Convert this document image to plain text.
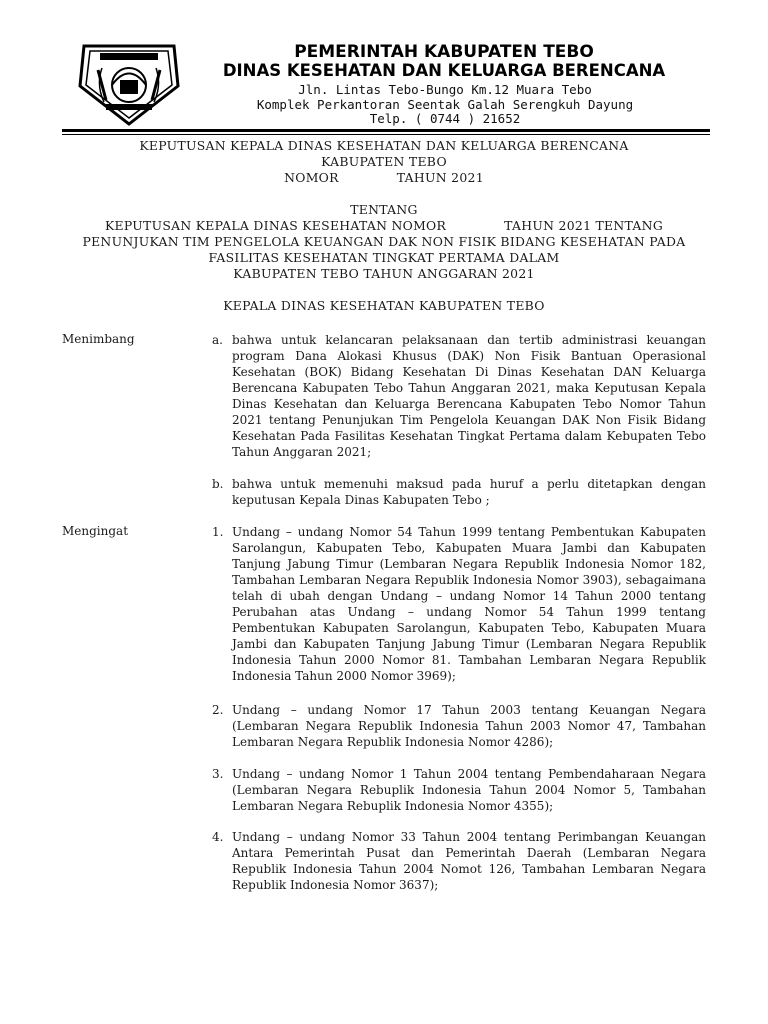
PEMERINTAH KABUPATEN TEBO
DINAS KESEHATAN DAN KELUARGA BERENCANA
Jln. Lintas Tebo-Bungo Km.12 Muara Tebo
Komplek Perkantoran Seentak Galah Serengkuh Dayung
Telp. ( 0744 ) 21652
KEPUTUSAN KEPALA DINAS KESEHATAN DAN KELUARGA BERENCANA
KABUPATEN TEBO
NOMOR	TAHUN 2021
TENTANG
KEPUTUSAN KEPALA DINAS KESEHATAN NOMOR	TAHUN 2021 TENTANG
PENUNJUKAN TIM PENGELOLA KEUANGAN DAK NON FISIK BIDANG KESEHATAN PADA
FASILITAS KESEHATAN TINGKAT PERTAMA DALAM
KABUPATEN TEBO TAHUN ANGGARAN 2021
KEPALA DINAS KESEHATAN KABUPATEN TEBO
Menimbang	a. bahwa untuk kelancaran pelaksanaan dan tertib administrasi keuangan program Dana Alokasi Khusus (DAK) Non Fisik Bantuan Operasional Kesehatan (BOK) Bidang Kesehatan Di Dinas Kesehatan DAN Keluarga Berencana Kabupaten Tebo Tahun Anggaran 2021, maka Keputusan Kepala Dinas Kesehatan dan Keluarga Berencana Kabupaten Tebo Nomor Tahun 2021 tentang Penunjukan Tim Pengelola Keuangan DAK Non Fisik Bidang Kesehatan Pada Fasilitas Kesehatan Tingkat Pertama dalam Kebupaten Tebo Tahun Anggaran 2021;
b. bahwa untuk memenuhi maksud pada huruf a perlu ditetapkan dengan keputusan Kepala Dinas Kabupaten Tebo ;
Mengingat	1. Undang – undang Nomor 54 Tahun 1999 tentang Pembentukan Kabupaten Sarolangun, Kabupaten Tebo, Kabupaten Muara Jambi dan Kabupaten Tanjung Jabung Timur (Lembaran Negara Republik Indonesia Nomor 182, Tambahan Lembaran Negara Republik Indonesia Nomor 3903), sebagaimana telah di ubah dengan Undang – undang Nomor 14 Tahun 2000 tentang Perubahan atas Undang – undang Nomor 54 Tahun 1999 tentang Pembentukan Kabupaten Sarolangun, Kabupaten Tebo, Kabupaten Muara Jambi dan Kabupaten Tanjung Jabung Timur (Lembaran Negara Republik Indonesia Tahun 2000 Nomor 81. Tambahan Lembaran Negara Republik Indonesia Tahun 2000 Nomor 3969);
2. Undang – undang Nomor 17 Tahun 2003 tentang Keuangan Negara (Lembaran Negara Republik Indonesia Tahun 2003 Nomor 47, Tambahan Lembaran Negara Republik Indonesia Nomor 4286);
3. Undang – undang Nomor 1 Tahun 2004 tentang Pembendaharaan Negara (Lembaran Negara Rebuplik Indonesia Tahun 2004 Nomor 5, Tambahan Lembaran Negara Rebuplik Indonesia Nomor 4355);
4. Undang – undang Nomor 33 Tahun 2004 tentang Perimbangan Keuangan Antara Pemerintah Pusat dan Pemerintah Daerah (Lembaran Negara Republik Indonesia Tahun 2004 Nomot 126, Tambahan Lembaran Negara Republik Indonesia Nomor 3637);
